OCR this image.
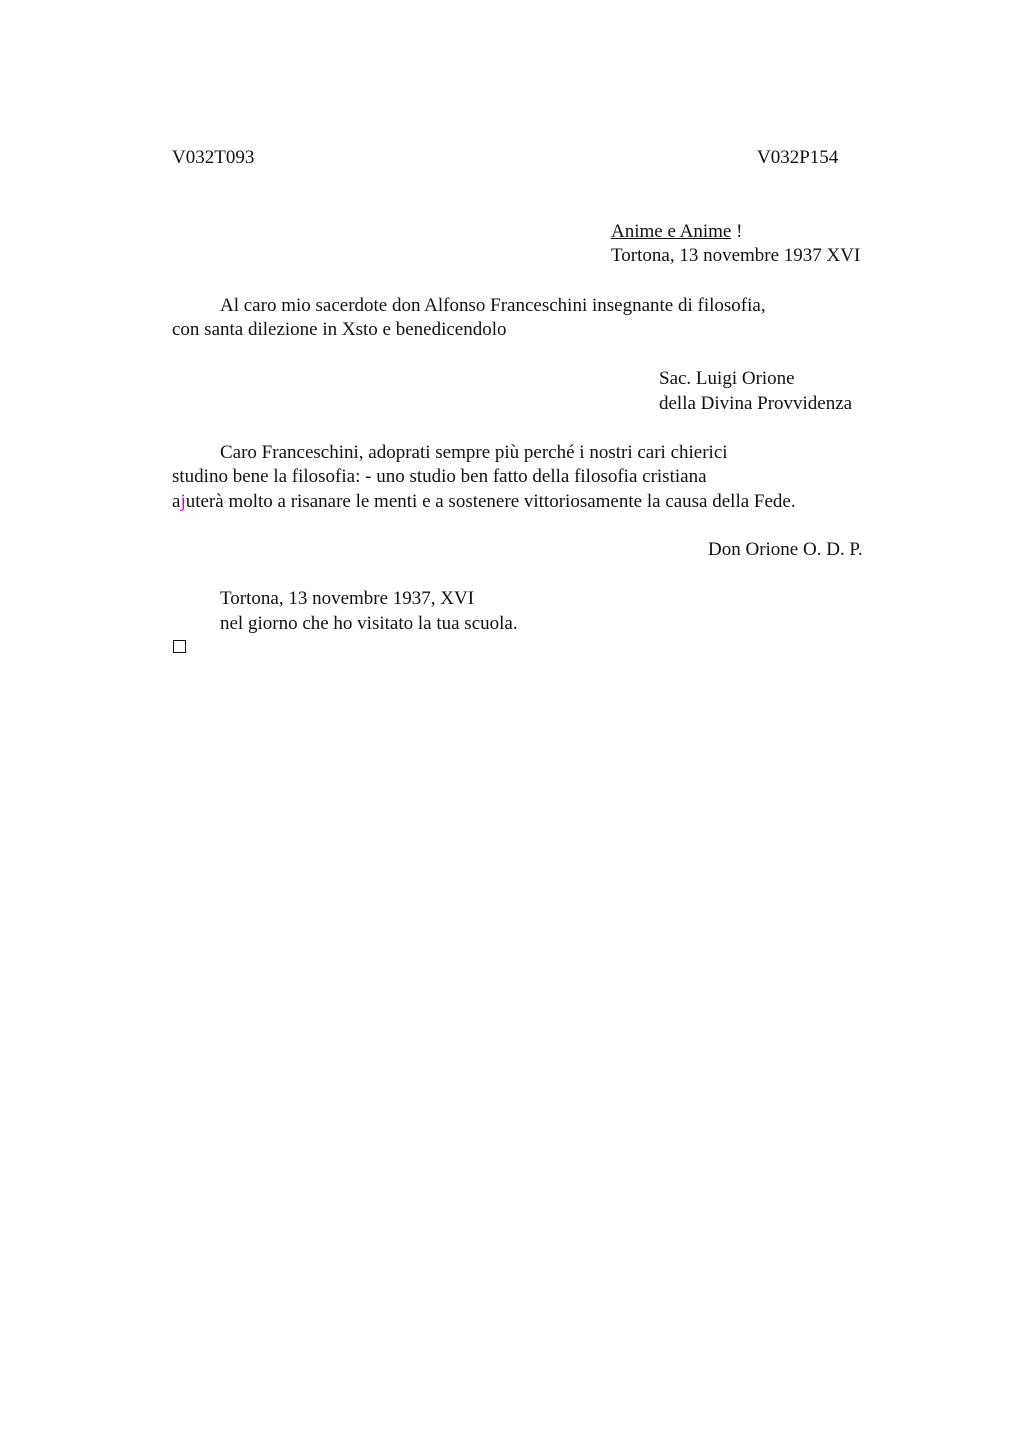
V032T093	V032P154
Anime e Anime !
Tortona, 13 novembre 1937 XVI
Al caro mio sacerdote don Alfonso Franceschini insegnante di filosofia,
con santa dilezione in Xsto e benedicendolo
Sac. Luigi Orione
della Divina Provvidenza
Caro Franceschini, adoprati sempre più perché i nostri cari chierici
studino bene la filosofia: - uno studio ben fatto della filosofia cristiana
ajuterà molto a risanare le menti e a sostenere vittoriosamente la causa della Fede.
Don Orione O. D. P.
Tortona, 13 novembre 1937, XVI
nel giorno che ho visitato la tua scuola.
